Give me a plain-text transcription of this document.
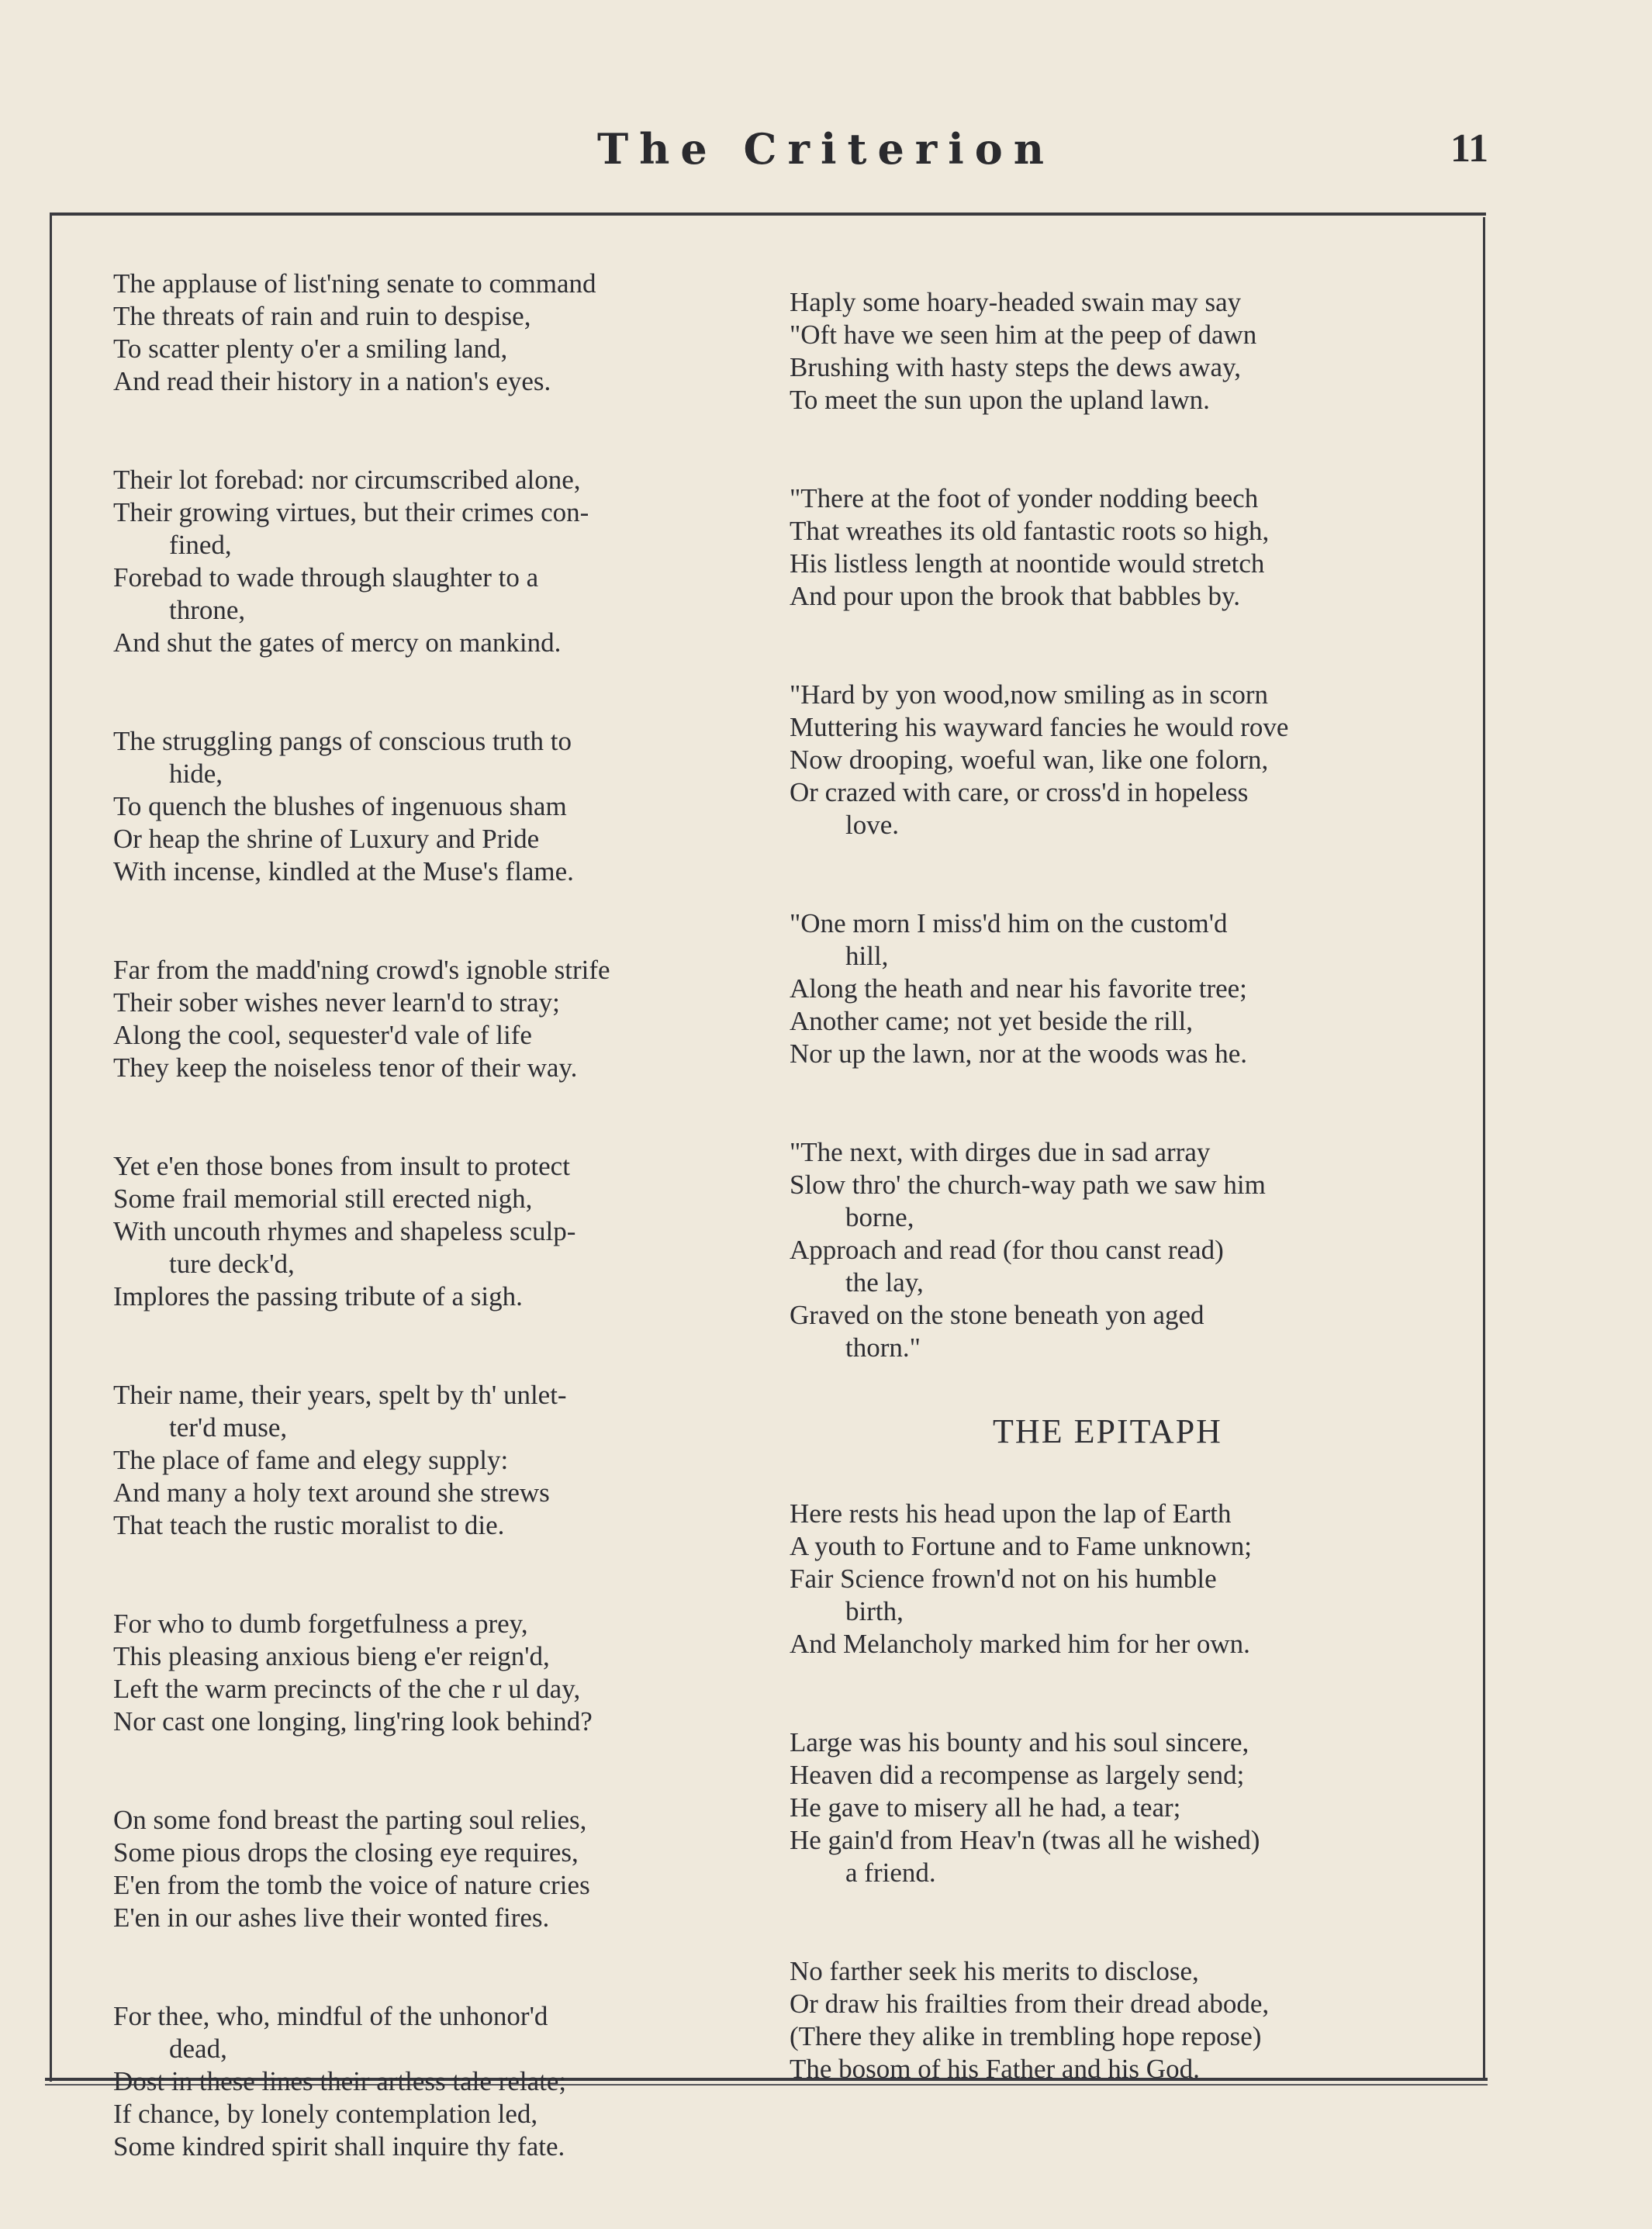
The Criterion	11
The applause of list'ning senate to command
The threats of rain and ruin to despise,
To scatter plenty o'er a smiling land,
And read their history in a nation's eyes.
Their lot forebad: nor circumscribed alone,
Their growing virtues, but their crimes con-
fined,
Forebad to wade through slaughter to a
throne,
And shut the gates of mercy on mankind.
The struggling pangs of conscious truth to
hide,
To quench the blushes of ingenuous sham
Or heap the shrine of Luxury and Pride
With incense, kindled at the Muse's flame.
Far from the madd'ning crowd's ignoble strife
Their sober wishes never learn'd to stray;
Along the cool, sequester'd vale of life
They keep the noiseless tenor of their way.
Yet e'en those bones from insult to protect
Some frail memorial still erected nigh,
With uncouth rhymes and shapeless sculp-
ture deck'd,
Implores the passing tribute of a sigh.
Their name, their years, spelt by th' unlet-
ter'd muse,
The place of fame and elegy supply:
And many a holy text around she strews
That teach the rustic moralist to die.
For who to dumb forgetfulness a prey,
This pleasing anxious bieng e'er reign'd,
Left the warm precincts of the che r ul day,
Nor cast one longing, ling'ring look behind?
On some fond breast the parting soul relies,
Some pious drops the closing eye requires,
E'en from the tomb the voice of nature cries
E'en in our ashes live their wonted fires.
For thee, who, mindful of the unhonor'd
dead,
Dost in these lines their artless tale relate;
If chance, by lonely contemplation led,
Some kindred spirit shall inquire thy fate.
Haply some hoary-headed swain may say
"Oft have we seen him at the peep of dawn
Brushing with hasty steps the dews away,
To meet the sun upon the upland lawn.
"There at the foot of yonder nodding beech
That wreathes its old fantastic roots so high,
His listless length at noontide would stretch
And pour upon the brook that babbles by.
"Hard by yon wood,now smiling as in scorn
Muttering his wayward fancies he would rove
Now drooping, woeful wan, like one folorn,
Or crazed with care, or cross'd in hopeless
love.
"One morn I miss'd him on the custom'd
hill,
Along the heath and near his favorite tree;
Another came; not yet beside the rill,
Nor up the lawn, nor at the woods was he.
"The next, with dirges due in sad array
Slow thro' the church-way path we saw him
borne,
Approach and read (for thou canst read)
the lay,
Graved on the stone beneath yon aged
thorn."
THE EPITAPH
Here rests his head upon the lap of Earth
A youth to Fortune and to Fame unknown;
Fair Science frown'd not on his humble
birth,
And Melancholy marked him for her own.
Large was his bounty and his soul sincere,
Heaven did a recompense as largely send;
He gave to misery all he had, a tear;
He gain'd from Heav'n (twas all he wished)
a friend.
No farther seek his merits to disclose,
Or draw his frailties from their dread abode,
(There they alike in trembling hope repose)
The bosom of his Father and his God.
